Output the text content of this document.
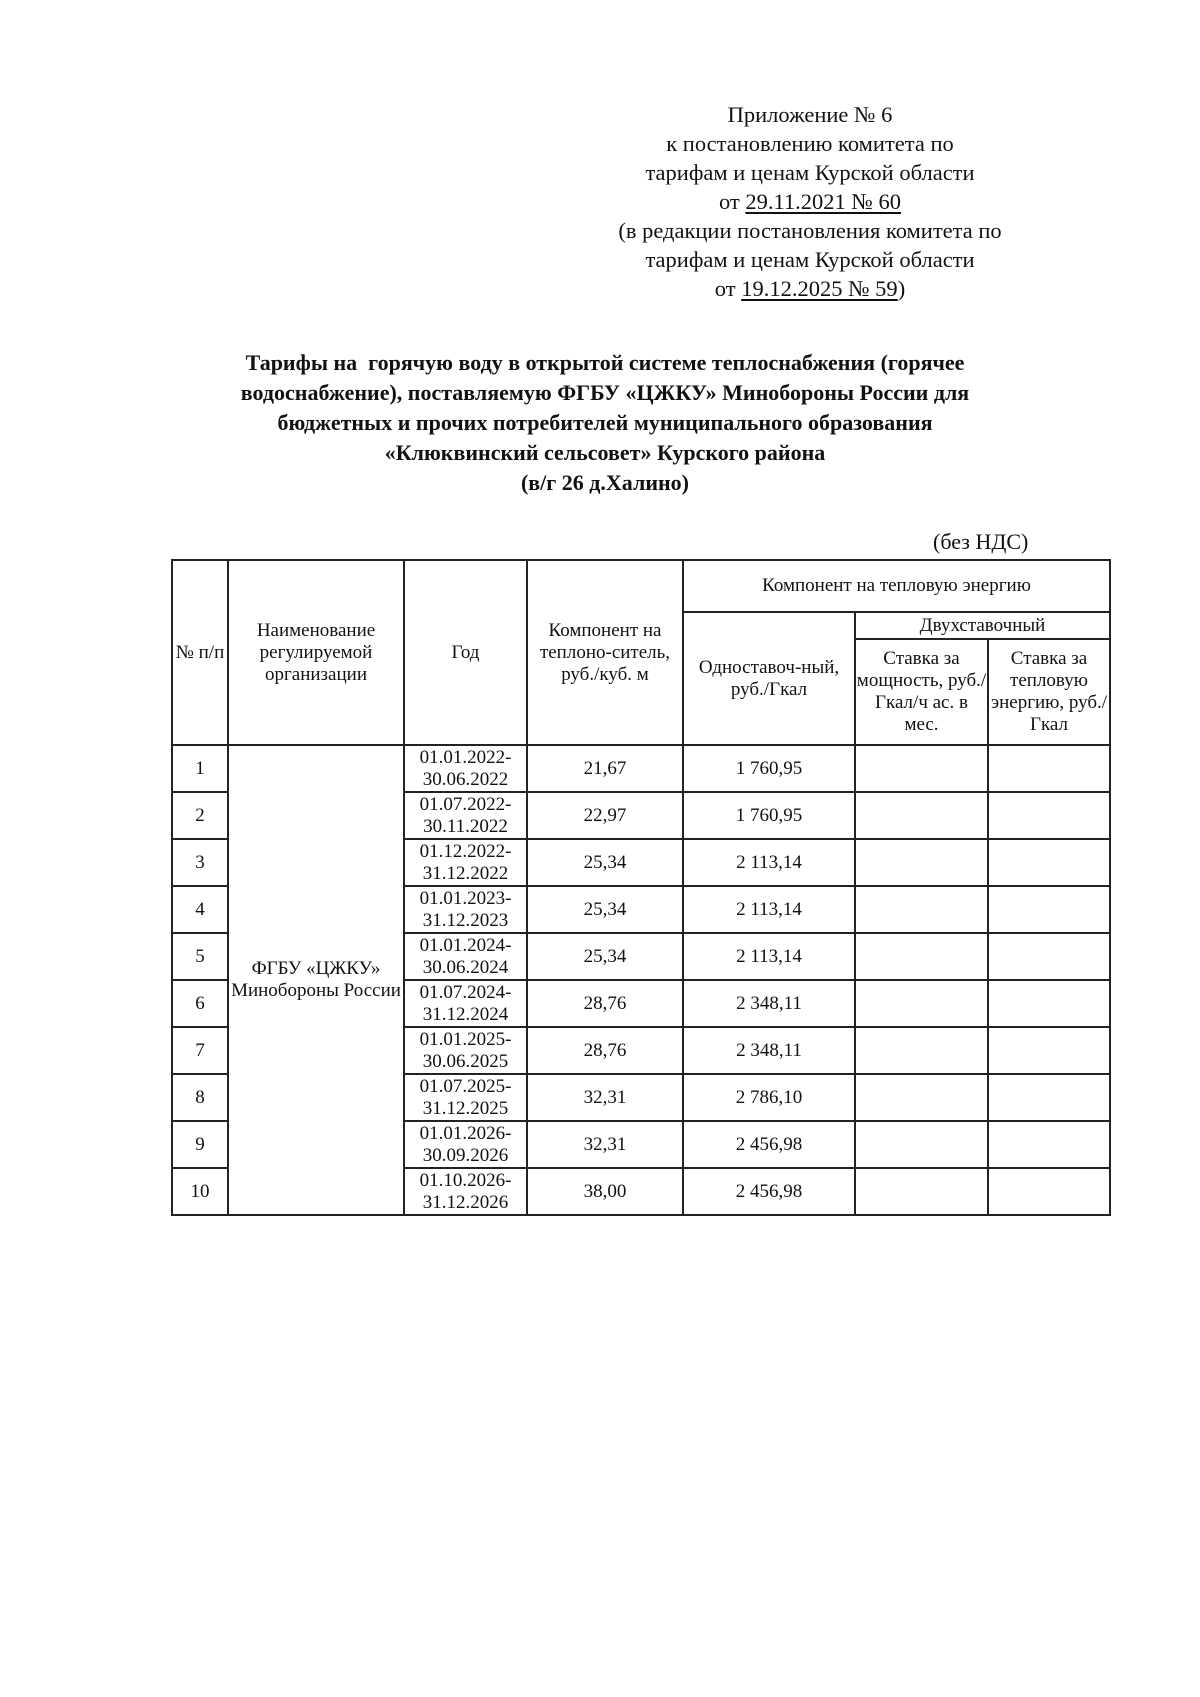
Приложение № 6
к постановлению комитета по
тарифам и ценам Курской области
от 29.11.2021 № 60
(в редакции постановления комитета по
тарифам и ценам Курской области
от 19.12.2025 № 59)
Тарифы на  горячую воду в открытой системе теплоснабжения (горячее
водоснабжение), поставляемую ФГБУ «ЦЖКУ» Минобороны России для
бюджетных и прочих потребителей муниципального образования
«Клюквинский сельсовет» Курского района
(в/г 26 д.Халино)
(без НДС)
№ п/п	Наименование регулируемой организации	Год	Компонент на теплоно-ситель, руб./куб. м	Компонент на тепловую энергию		
				Одноставоч-ный, руб./Гкал	Двухставочный	
					Ставка за мощность, руб./Гкал/ч ас. в мес.	Ставка за тепловую энергию, руб./Гкал
1	ФГБУ «ЦЖКУ» Минобороны России	01.01.2022-
30.06.2022	21,67	1 760,95		
2		01.07.2022-
30.11.2022	22,97	1 760,95		
3		01.12.2022-
31.12.2022	25,34	2 113,14		
4		01.01.2023-
31.12.2023	25,34	2 113,14		
5		01.01.2024-
30.06.2024	25,34	2 113,14		
6		01.07.2024-
31.12.2024	28,76	2 348,11		
7		01.01.2025-
30.06.2025	28,76	2 348,11		
8		01.07.2025-
31.12.2025	32,31	2 786,10		
9		01.01.2026-
30.09.2026	32,31	2 456,98		
10		01.10.2026-
31.12.2026	38,00	2 456,98		
